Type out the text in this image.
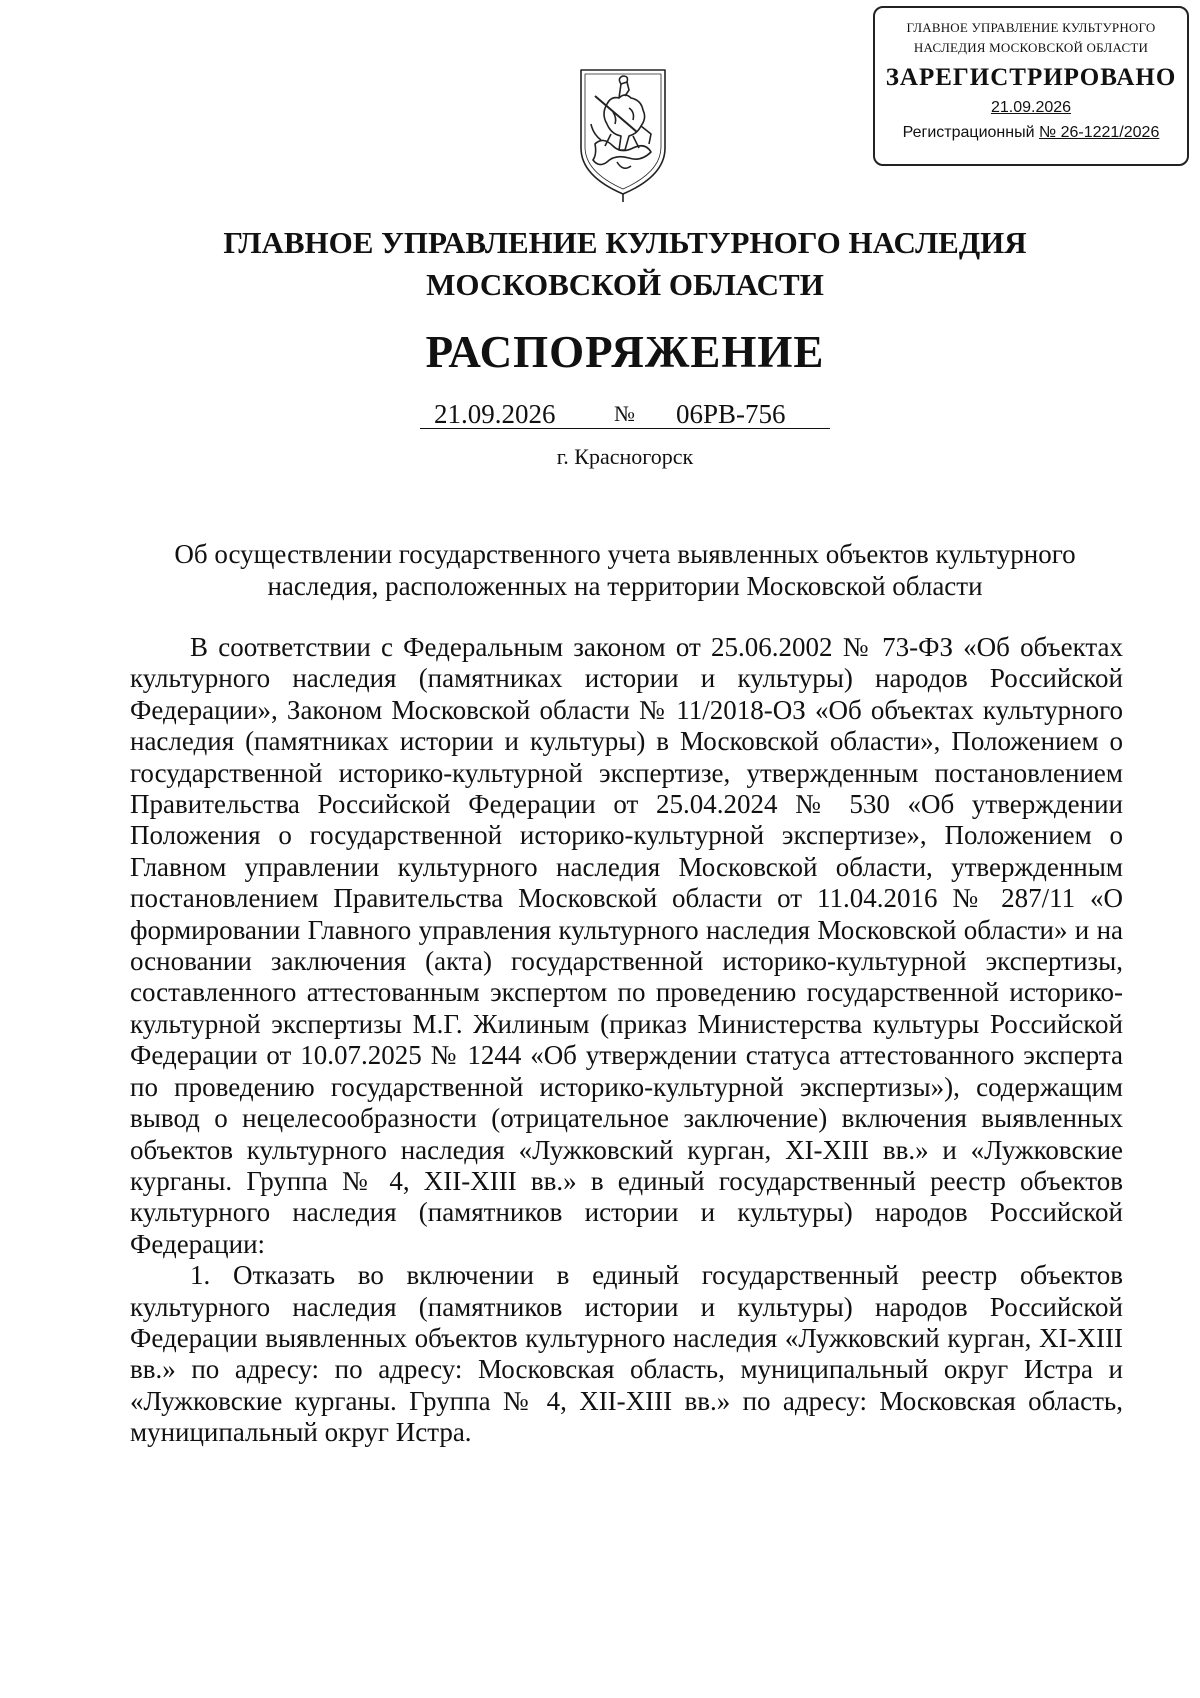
ГЛАВНОЕ УПРАВЛЕНИЕ КУЛЬТУРНОГО
НАСЛЕДИЯ МОСКОВСКОЙ ОБЛАСТИ
ЗАРЕГИСТРИРОВАНО
21.09.2026
Регистрационный № 26-1221/2026
ГЛАВНОЕ УПРАВЛЕНИЕ КУЛЬТУРНОГО НАСЛЕДИЯ
МОСКОВСКОЙ ОБЛАСТИ
РАСПОРЯЖЕНИЕ
21.09.2026	№ 06РВ-756
г. Красногорск
Об осуществлении государственного учета выявленных объектов культурного
наследия, расположенных на территории Московской области

В соответствии с Федеральным законом от 25.06.2002 № 73-ФЗ «Об объектах культурного наследия (памятниках истории и культуры) народов Российской Федерации», Законом Московской области № 11/2018-ОЗ «Об объектах культурного наследия (памятниках истории и культуры) в Московской области», Положением о государственной историко-культурной экспертизе, утвержденным постановлением Правительства Российской Федерации от 25.04.2024 № 530 «Об утверждении Положения о государственной историко-культурной экспертизе», Положением о Главном управлении культурного наследия Московской области, утвержденным постановлением Правительства Московской области от 11.04.2016 № 287/11 «О формировании Главного управления культурного наследия Московской области» и на основании заключения (акта) государственной историко-культурной экспертизы, составленного аттестованным экспертом по проведению государственной историко-культурной экспертизы М.Г. Жилиным (приказ Министерства культуры Российской Федерации от 10.07.2025 № 1244 «Об утверждении статуса аттестованного эксперта по проведению государственной историко-культурной экспертизы»), содержащим вывод о нецелесообразности (отрицательное заключение) включения выявленных объектов культурного наследия «Лужковский курган, XI-XIII вв.» и «Лужковские курганы. Группа № 4, XII-XIII вв.» в единый государственный реестр объектов культурного наследия (памятников истории и культуры) народов Российской Федерации:

1. Отказать во включении в единый государственный реестр объектов культурного наследия (памятников истории и культуры) народов Российской Федерации выявленных объектов культурного наследия «Лужковский курган, XI-XIII вв.» по адресу: по адресу: Московская область, муниципальный округ Истра и «Лужковские курганы. Группа № 4, XII-XIII вв.» по адресу: Московская область, муниципальный округ Истра.
